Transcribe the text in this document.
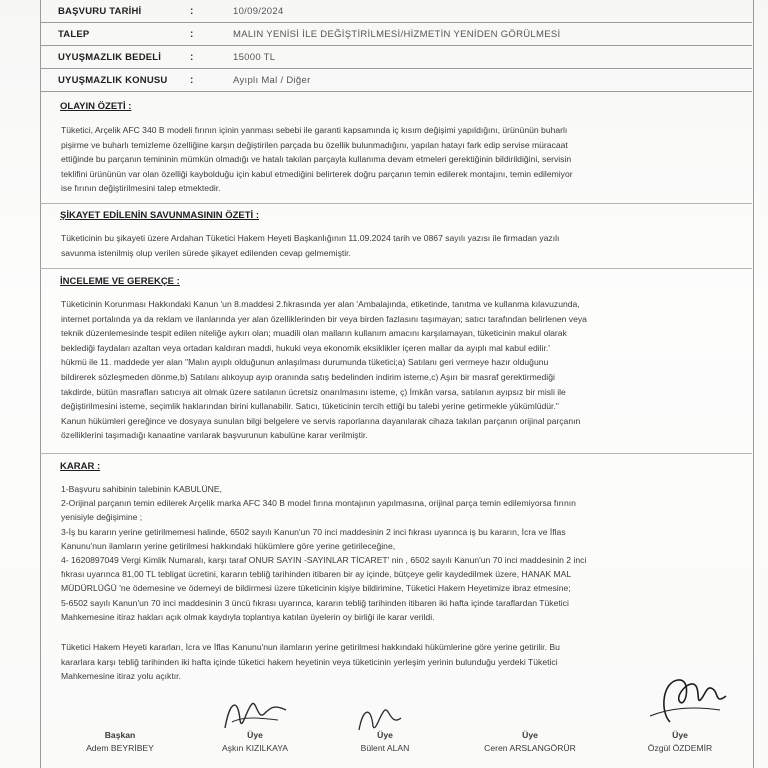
BAŞVURU TARİHİ	:	10/09/2024
TALEP	:	MALIN YENİSİ İLE DEĞİŞTİRİLMESİ/HİZMETİN YENİDEN GÖRÜLMESİ
UYUŞMAZLIK BEDELİ	:	15000 TL
UYUŞMAZLIK KONUSU	:	Ayıplı Mal / Diğer
OLAYIN ÖZETİ :
Tüketici, Arçelik AFC 340 B modeli fırının içinin yanması sebebi ile garanti kapsamında iç kısım değişimi yapıldığını, ürününün buharlı
pişirme ve buharlı temizleme özelliğine karşın değiştirilen parçada bu özellik bulunmadığını, yapılan hatayı fark edip servise müracaat
ettiğinde bu parçanın temininin mümkün olmadığı ve hatalı takılan parçayla kullanıma devam etmeleri gerektiğinin bildirildiğini, servisin
teklifini ürününün var olan özelliği kaybolduğu için kabul etmediğini belirterek doğru parçanın temin edilerek montajını, temin edilemiyor
ise fırının değiştirilmesini talep etmektedir.
ŞİKAYET EDİLENİN SAVUNMASININ ÖZETİ :
Tüketicinin bu şikayeti üzere Ardahan Tüketici Hakem Heyeti Başkanlığının 11.09.2024 tarih ve 0867 sayılı yazısı ile firmadan yazılı
savunma istenilmiş olup verilen sürede şikayet edilenden cevap gelmemiştir.
İNCELEME VE GEREKÇE :
Tüketicinin Korunması Hakkındaki Kanun 'un 8.maddesi 2.fıkrasında yer alan 'Ambalajında, etiketinde, tanıtma ve kullanma kılavuzunda,
internet portalında ya da reklam ve ilanlarında yer alan özelliklerinden bir veya birden fazlasını taşımayan; satıcı tarafından belirlenen veya
teknik düzenlemesinde tespit edilen niteliğe aykırı olan; muadili olan malların kullanım amacını karşılamayan, tüketicinin makul olarak
beklediği faydaları azaltan veya ortadan kaldıran maddi, hukuki veya ekonomik eksiklikler içeren mallar da ayıplı mal kabul edilir.'
hükmü ile 11. maddede yer alan "Malın ayıplı olduğunun anlaşılması durumunda tüketici;a) Satılanı geri vermeye hazır olduğunu
bildirerek sözleşmeden dönme,b) Satılanı alıkoyup ayıp oranında satış bedelinden indirim isteme,c) Aşırı bir masraf gerektirmediği
takdirde, bütün masrafları satıcıya ait olmak üzere satılanın ücretsiz onarılmasını isteme, ç) İmkân varsa, satılanın ayıpsız bir misli ile
değiştirilmesini isteme, seçimlik haklarından birini kullanabilir. Satıcı, tüketicinin tercih ettiği bu talebi yerine getirmekle yükümlüdür."
Kanun hükümleri gereğince ve dosyaya sunulan bilgi belgelere ve servis raporlarına dayanılarak cihaza takılan parçanın orijinal parçanın
özelliklerini taşımadığı kanaatine varılarak başvurunun kabulüne karar verilmiştir.
KARAR :
1-Başvuru sahibinin talebinin KABULÜNE,
2-Orijinal parçanın temin edilerek Arçelik marka AFC 340 B model fırına montajının yapılmasına, orijinal parça temin edilemiyorsa fırının
yenisiyle değişimine ;
3-İş bu kararın yerine getirilmemesi halinde, 6502 sayılı Kanun'un 70 inci maddesinin 2 inci fıkrası uyarınca iş bu kararın, İcra ve İflas
Kanunu'nun ilamların yerine getirilmesi hakkındaki hükümlere göre yerine getirileceğine,
4- 1620897049 Vergi Kimlik Numaralı, karşı taraf ONUR SAYIN -SAYINLAR TİCARET' nin , 6502 sayılı Kanun'un 70 inci maddesinin 2 inci
fıkrası uyarınca 81,00 TL tebligat ücretini, kararın tebliğ tarihinden itibaren bir ay içinde, bütçeye gelir kaydedilmek üzere, HANAK MAL
MÜDÜRLÜĞÜ 'ne ödemesine ve ödemeyi de bildirmesi üzere tüketicinin kişiye bildirimine, Tüketici Hakem Heyetimize ibraz etmesine;
5-6502 sayılı Kanun'un 70 inci maddesinin 3 üncü fıkrası uyarınca, kararın tebliğ tarihinden itibaren iki hafta içinde taraflardan Tüketici
Mahkemesine itiraz hakları açık olmak kaydıyla toplantıya katılan üyelerin oy birliği ile karar verildi.
Tüketici Hakem Heyeti kararları, İcra ve İflas Kanunu'nun ilamların yerine getirilmesi hakkındaki hükümlerine göre yerine getirilir. Bu
kararlara karşı tebliğ tarihinden iki hafta içinde tüketici hakem heyetinin veya tüketicinin yerleşim yerinin bulunduğu yerdeki Tüketici
Mahkemesine itiraz yolu açıktır.
Başkan
Adem BEYRİBEY
Üye
Aşkın KIZILKAYA
Üye
Bülent ALAN
Üye
Ceren ARSLANGÖRÜR
Üye
Özgül ÖZDEMİR
